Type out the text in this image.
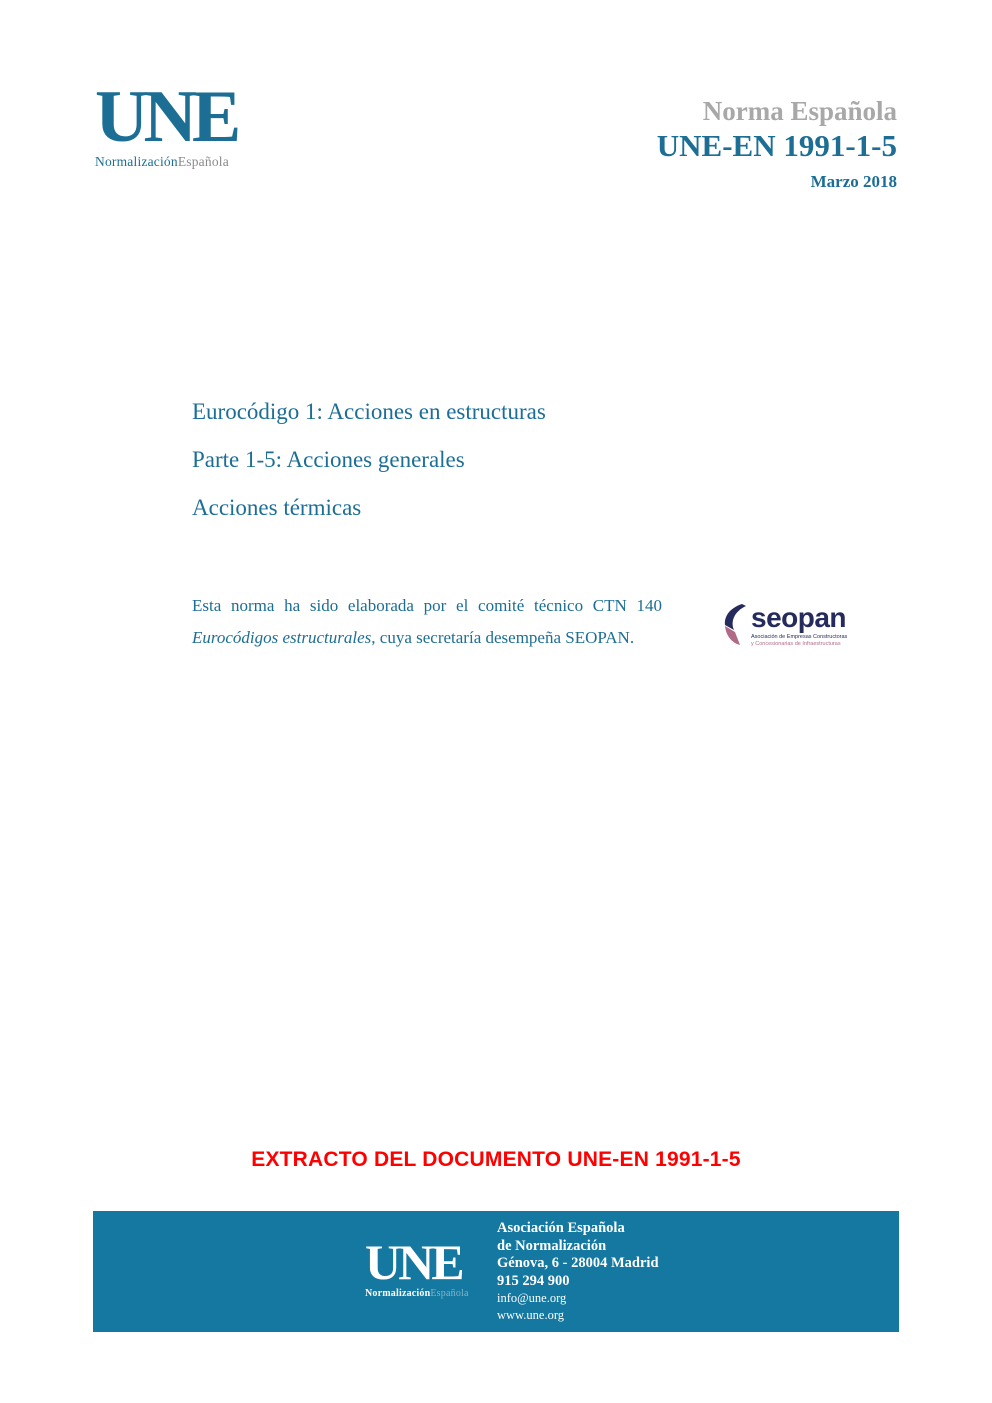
UNE
NormalizaciónEspañola
Norma Española
UNE-EN 1991-1-5
Marzo 2018
Eurocódigo 1: Acciones en estructuras
Parte 1-5: Acciones generales
Acciones térmicas

Esta norma ha sido elaborada por el comité técnico CTN 140 Eurocódigos estructurales, cuya secretaría desempeña SEOPAN.

seopan
Asociación de Empresas Constructoras
y Concesionarias de Infraestructuras
EXTRACTO DEL DOCUMENTO UNE-EN 1991-1-5
UNE
NormalizaciónEspañola
Asociación Española
de Normalización
Génova, 6 - 28004 Madrid
915 294 900
info@une.org
www.une.org
